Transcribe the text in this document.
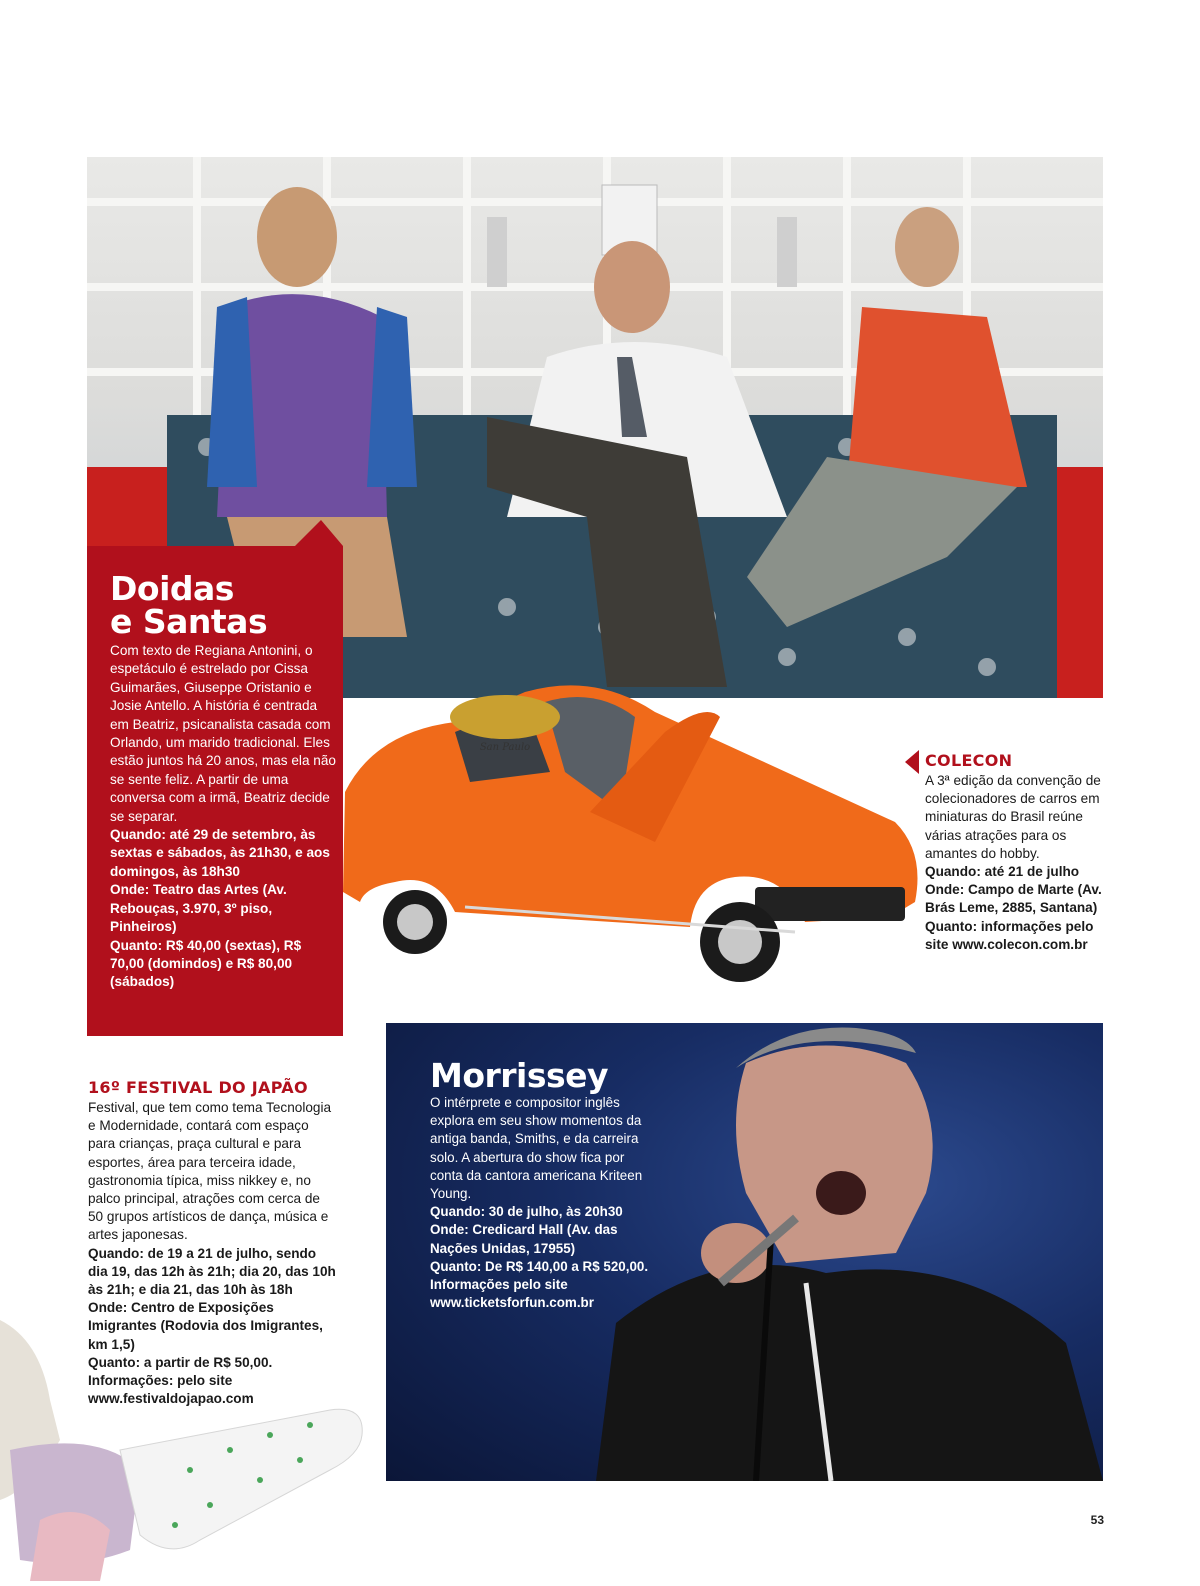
Doidas
e Santas
Com texto de Regiana Antonini, o espetáculo é estrelado por Cissa Guimarães, Giuseppe Oristanio e Josie Antello. A história é centrada em Beatriz, psicanalista casada com Orlando, um marido tradicional. Eles estão juntos há 20 anos, mas ela não se sente feliz. A partir de uma conversa com a irmã, Beatriz decide se separar.
Quando: até 29 de setembro, às sextas e sábados, às 21h30, e aos domingos, às 18h30
Onde: Teatro das Artes (Av. Rebouças, 3.970, 3º piso, Pinheiros)
Quanto: R$ 40,00 (sextas), R$ 70,00 (domindos) e R$ 80,00 (sábados)
San Paulo
COLECON
A 3ª edição da convenção de colecionadores de carros em miniaturas do Brasil reúne várias atrações para os amantes do hobby.
Quando: até 21 de julho
Onde: Campo de Marte (Av. Brás Leme, 2885, Santana)
Quanto: informações pelo site www.colecon.com.br
16º FESTIVAL DO JAPÃO
Festival, que tem como tema Tecnologia e Modernidade, contará com espaço para crianças, praça cultural e para esportes, área para terceira idade, gastronomia típica, miss nikkey e, no palco principal, atrações com cerca de 50 grupos artísticos de dança, música e artes japonesas.
Quando: de 19 a 21 de julho, sendo dia 19, das 12h às 21h; dia 20, das 10h às 21h; e dia 21, das 10h às 18h
Onde: Centro de Exposições Imigrantes (Rodovia dos Imigrantes, km 1,5)
Quanto: a partir de R$ 50,00.
Informações: pelo site www.festivaldojapao.com
Morrissey
O intérprete e compositor inglês explora em seu show momentos da antiga banda, Smiths, e da carreira solo. A abertura do show fica por conta da cantora americana Kriteen Young.
Quando: 30 de julho, às 20h30
Onde: Credicard Hall (Av. das Nações Unidas, 17955)
Quanto: De R$ 140,00 a R$ 520,00. Informações pelo site www.ticketsforfun.com.br
53
